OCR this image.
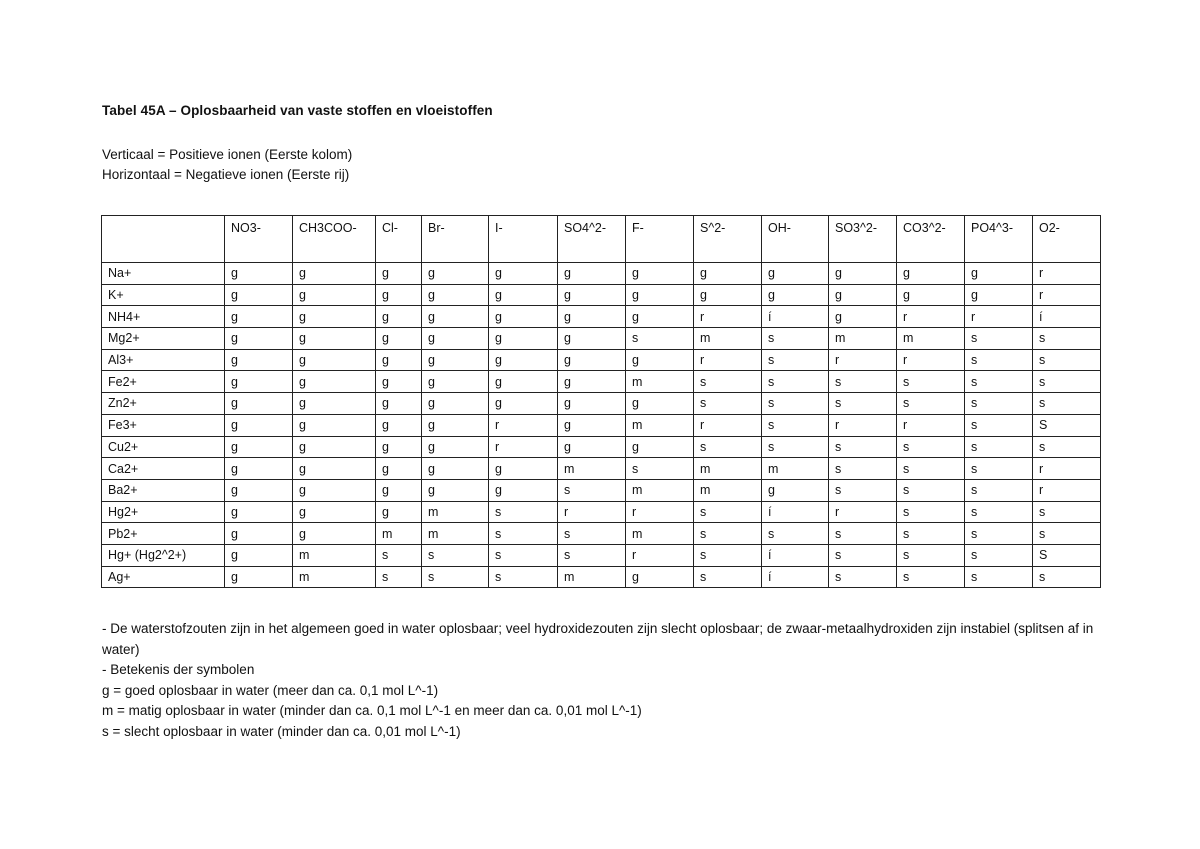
Tabel 45A – Oplosbaarheid van vaste stoffen en vloeistoffen
Verticaal = Positieve ionen (Eerste kolom)
Horizontaal = Negatieve ionen (Eerste rij)
	NO3-	CH3COO-	Cl-	Br-	I-	SO4^2-	F-	S^2-	OH-	SO3^2-	CO3^2-	PO4^3-	O2-
Na+	g	g	g	g	g	g	g	g	g	g	g	g	r
K+	g	g	g	g	g	g	g	g	g	g	g	g	r
NH4+	g	g	g	g	g	g	g	r	í	g	r	r	í
Mg2+	g	g	g	g	g	g	s	m	s	m	m	s	s
Al3+	g	g	g	g	g	g	g	r	s	r	r	s	s
Fe2+	g	g	g	g	g	g	m	s	s	s	s	s	s
Zn2+	g	g	g	g	g	g	g	s	s	s	s	s	s
Fe3+	g	g	g	g	r	g	m	r	s	r	r	s	S
Cu2+	g	g	g	g	r	g	g	s	s	s	s	s	s
Ca2+	g	g	g	g	g	m	s	m	m	s	s	s	r
Ba2+	g	g	g	g	g	s	m	m	g	s	s	s	r
Hg2+	g	g	g	m	s	r	r	s	í	r	s	s	s
Pb2+	g	g	m	m	s	s	m	s	s	s	s	s	s
Hg+ (Hg2^2+)	g	m	s	s	s	s	r	s	í	s	s	s	S
Ag+	g	m	s	s	s	m	g	s	í	s	s	s	s
- De waterstofzouten zijn in het algemeen goed in water oplosbaar; veel hydroxidezouten zijn slecht oplosbaar; de zwaar-metaalhydroxiden zijn instabiel (splitsen af in water)
- Betekenis der symbolen
g = goed oplosbaar in water (meer dan ca. 0,1 mol L^-1)
m = matig oplosbaar in water (minder dan ca. 0,1 mol L^-1 en meer dan ca. 0,01 mol L^-1)
s = slecht oplosbaar in water (minder dan ca. 0,01 mol L^-1)
